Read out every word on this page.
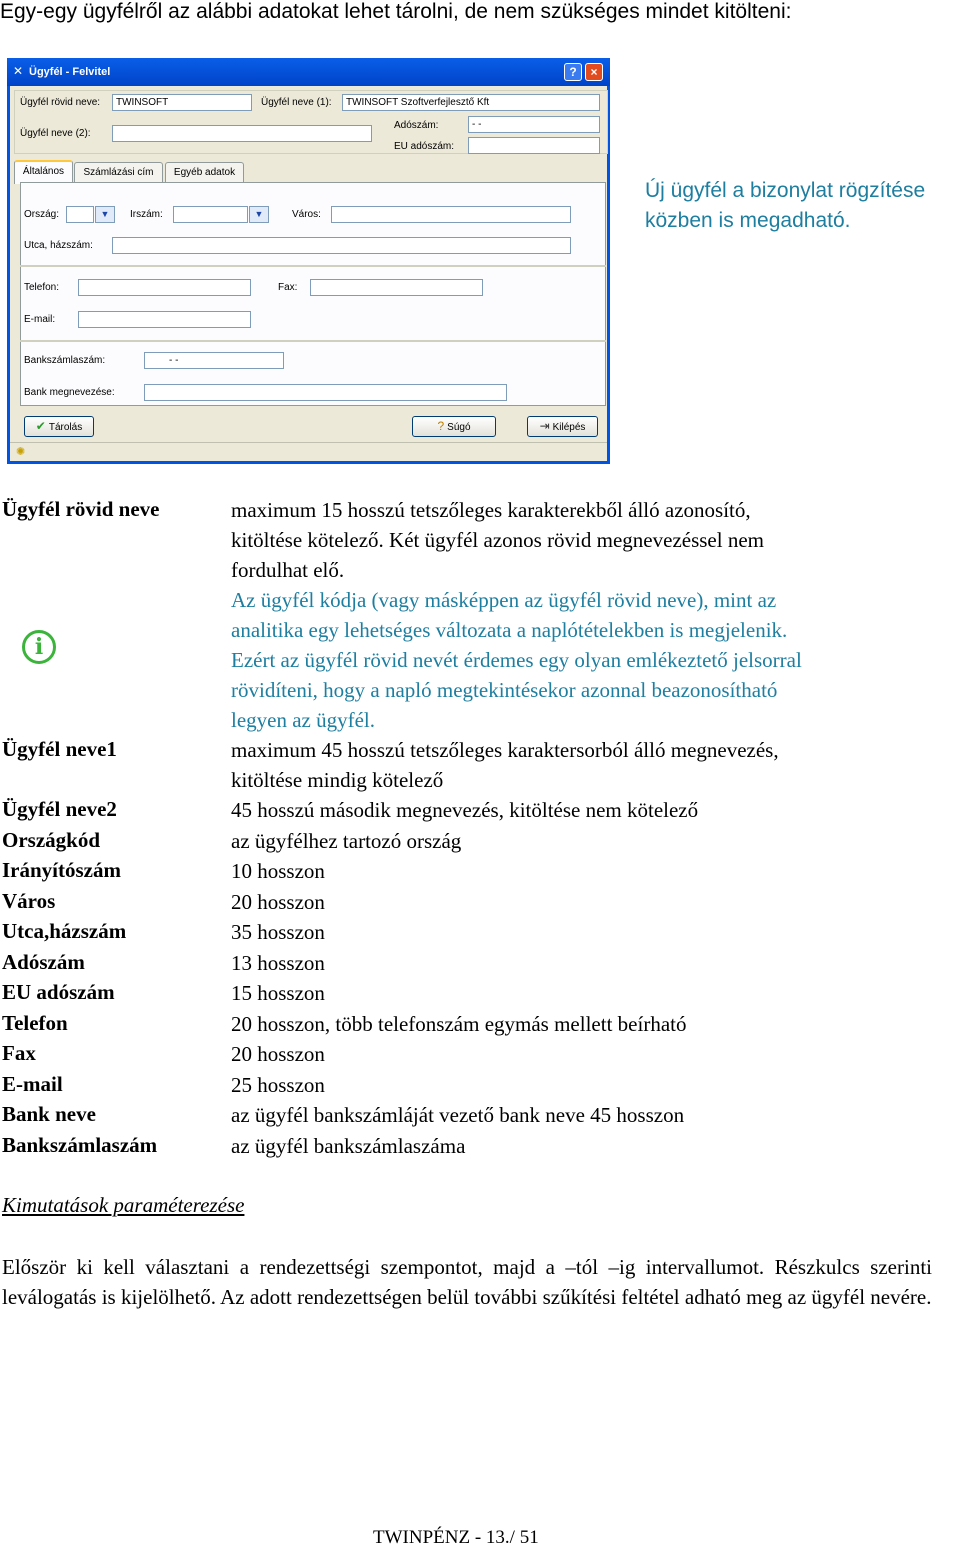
Egy-egy ügyfélről az alábbi adatokat lehet tárolni, de nem szükséges mindet kitölteni:
✕ Ügyfél - Felvitel	?	×
Ügyfél rövid neve:	TWINSOFT	Ügyfél neve (1):	TWINSOFT Szoftverfejlesztő Kft
Ügyfél neve (2):
Adószám:	- -
EU adószám:
Általános	Számlázási cím	Egyéb adatok
Ország:	▼	Irszám:	▼	Város:
Utca, házszám:
Telefon:	Fax:
E-mail:
Bankszámlaszám:	- -
Bank megnevezése:
✔ Tárolás	? Súgó	⇥ Kilépés
✺
Új ügyfél a bizonylat rögzítése
közben is megadható.
Ügyfél rövid neve	maximum 15 hosszú tetszőleges karakterekből álló azonosító,
kitöltése kötelező. Két ügyfél azonos rövid megnevezéssel nem
fordulhat elő.
i
Az ügyfél kódja (vagy másképpen az ügyfél rövid neve), mint az
analitika egy lehetséges változata a naplótételekben is megjelenik.
Ezért az ügyfél rövid nevét érdemes egy olyan emlékeztető jelsorral
rövidíteni, hogy a napló megtekintésekor azonnal beazonosítható
legyen az ügyfél.
Ügyfél neve1	maximum 45 hosszú tetszőleges karaktersorból álló megnevezés,
kitöltése mindig kötelező
Ügyfél neve2	45 hosszú második megnevezés, kitöltése nem kötelező
Országkód	az ügyfélhez tartozó ország
Irányítószám	10 hosszon
Város	20 hosszon
Utca,házszám	35 hosszon
Adószám	13 hosszon
EU adószám	15 hosszon
Telefon	20 hosszon, több telefonszám egymás mellett beírható
Fax	20 hosszon
E-mail	25 hosszon
Bank neve	az ügyfél bankszámláját vezető bank neve 45 hosszon
Bankszámlaszám	az ügyfél bankszámlaszáma
Kimutatások paraméterezése
Először ki kell választani a rendezettségi szempontot, majd a –tól –ig intervallumot. Részkulcs szerinti leválogatás is kijelölhető. Az adott rendezettségen belül további szűkítési feltétel adható meg az ügyfél nevére.
TWINPÉNZ - 13./ 51
